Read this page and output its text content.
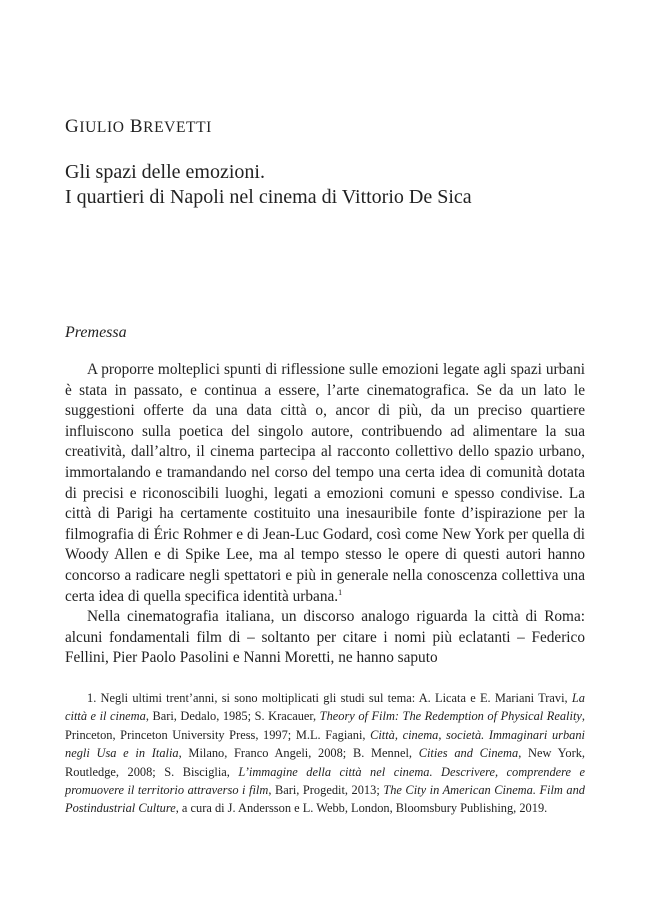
GIULIO BREVETTI
Gli spazi delle emozioni.
I quartieri di Napoli nel cinema di Vittorio De Sica
Premessa

A proporre molteplici spunti di riflessione sulle emozioni legate agli spazi urbani è stata in passato, e continua a essere, l’arte cinematografica. Se da un lato le suggestioni offerte da una data città o, ancor di più, da un preciso quartiere influiscono sulla poetica del singolo autore, contribuendo ad alimentare la sua creatività, dall’altro, il cinema partecipa al racconto collettivo dello spazio urbano, immortalando e tramandando nel corso del tempo una certa idea di comunità dotata di precisi e riconoscibili luoghi, legati a emozioni comuni e spesso condivise. La città di Parigi ha certamente costituito una inesauribile fonte d’ispirazione per la filmografia di Éric Rohmer e di Jean-Luc Godard, così come New York per quella di Woody Allen e di Spike Lee, ma al tempo stesso le opere di questi autori hanno concorso a radicare negli spettatori e più in generale nella conoscenza collettiva una certa idea di quella specifica identità urbana.$^1$

Nella cinematografia italiana, un discorso analogo riguarda la città di Roma: alcuni fondamentali film di – soltanto per citare i nomi più eclatanti – Federico Fellini, Pier Paolo Pasolini e Nanni Moretti, ne hanno saputo

1. Negli ultimi trent’anni, si sono moltiplicati gli studi sul tema: A. Licata e E. Mariani Travi, La città e il cinema, Bari, Dedalo, 1985; S. Kracauer, Theory of Film: The Redemption of Physical Reality, Princeton, Princeton University Press, 1997; M.L. Fagiani, Città, cinema, società. Immaginari urbani negli Usa e in Italia, Milano, Franco Angeli, 2008; B. Mennel, Cities and Cinema, New York, Routledge, 2008; S. Bisciglia, L’immagine della città nel cinema. Descrivere, comprendere e promuovere il territorio attraverso i film, Bari, Progedit, 2013; The City in American Cinema. Film and Postindustrial Culture, a cura di J. Andersson e L. Webb, London, Bloomsbury Publishing, 2019.
